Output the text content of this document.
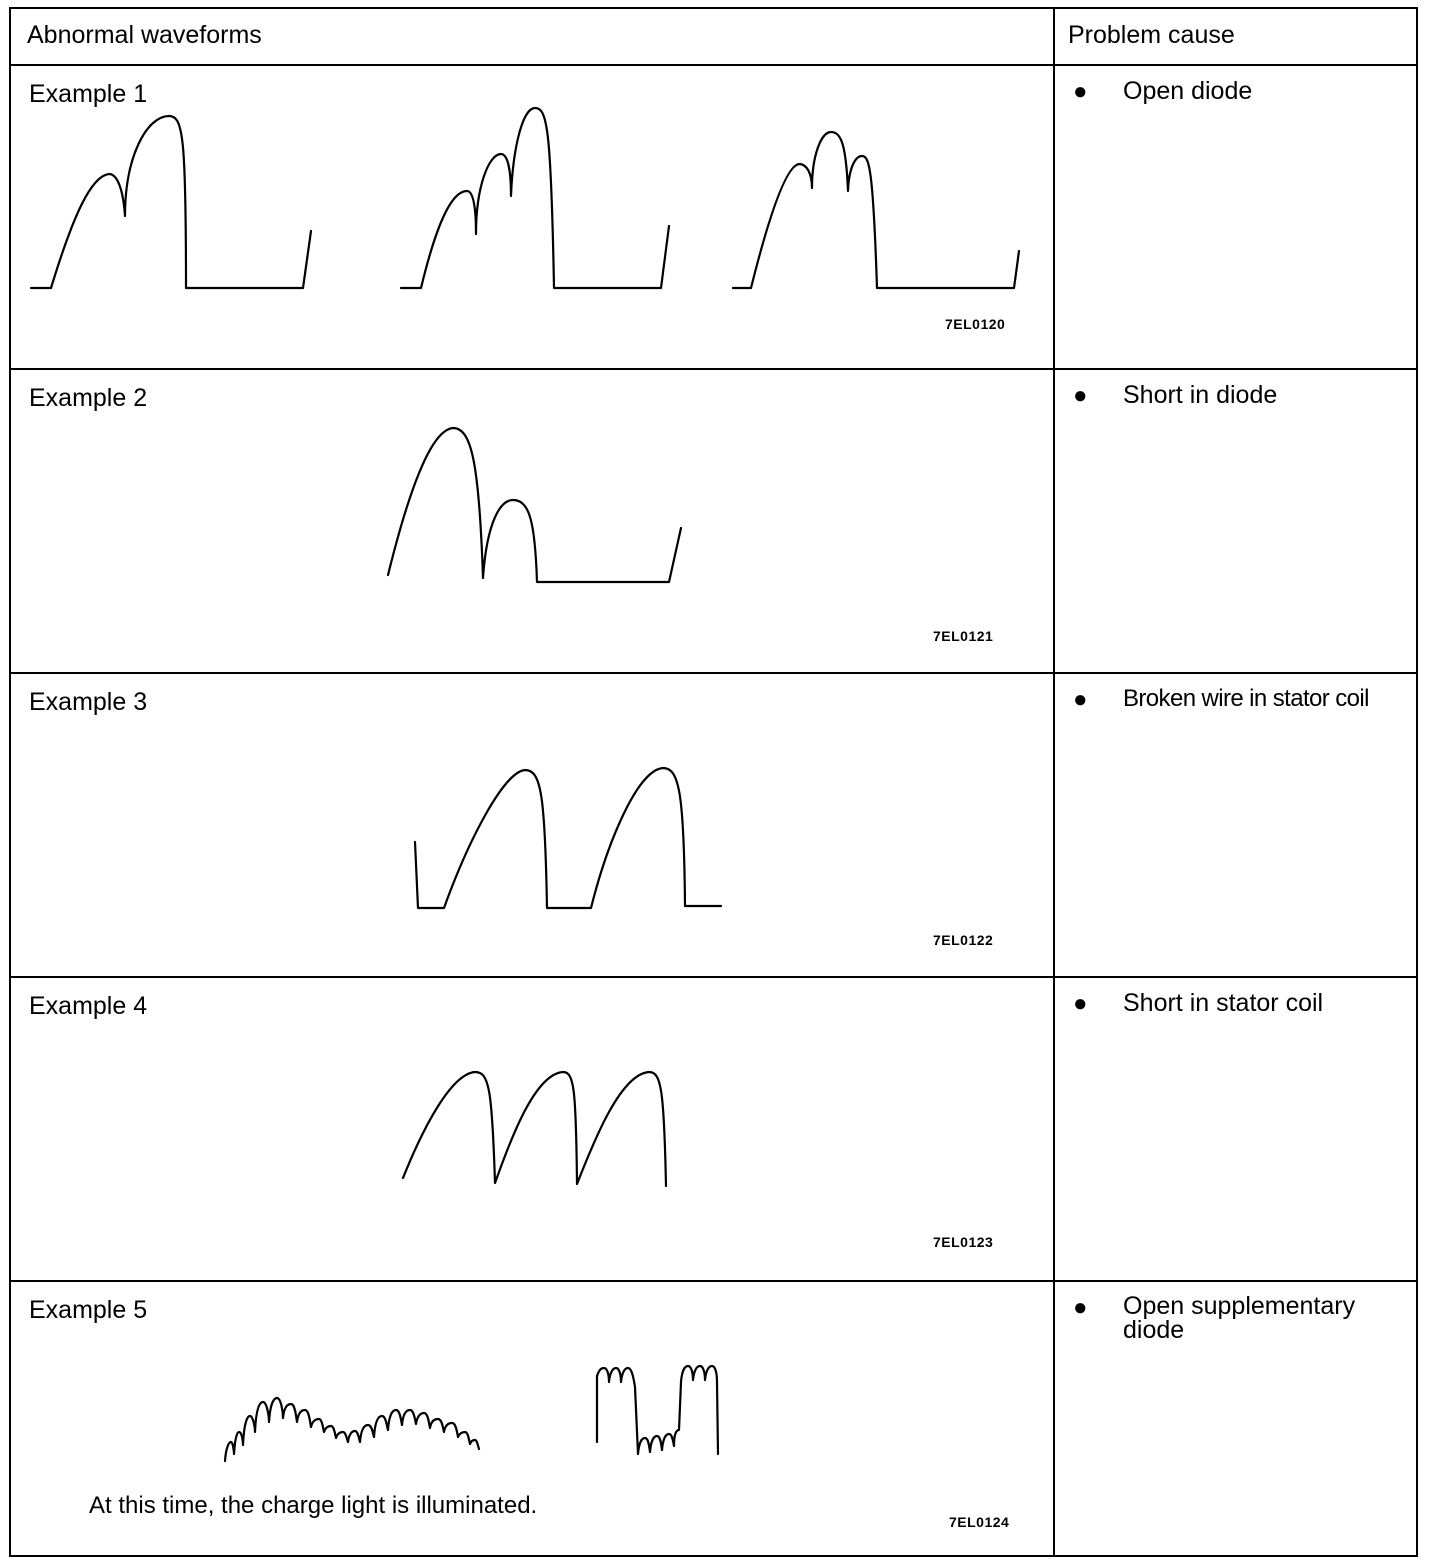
Abnormal waveforms	Problem cause
Example 1
7EL0120
● Open diode
Example 2
7EL0121
● Short in diode
Example 3
7EL0122
● Broken wire in stator coil
Example 4
7EL0123
● Short in stator coil
Example 5
At this time, the charge light is illuminated.
7EL0124
● Open supplementary diode
